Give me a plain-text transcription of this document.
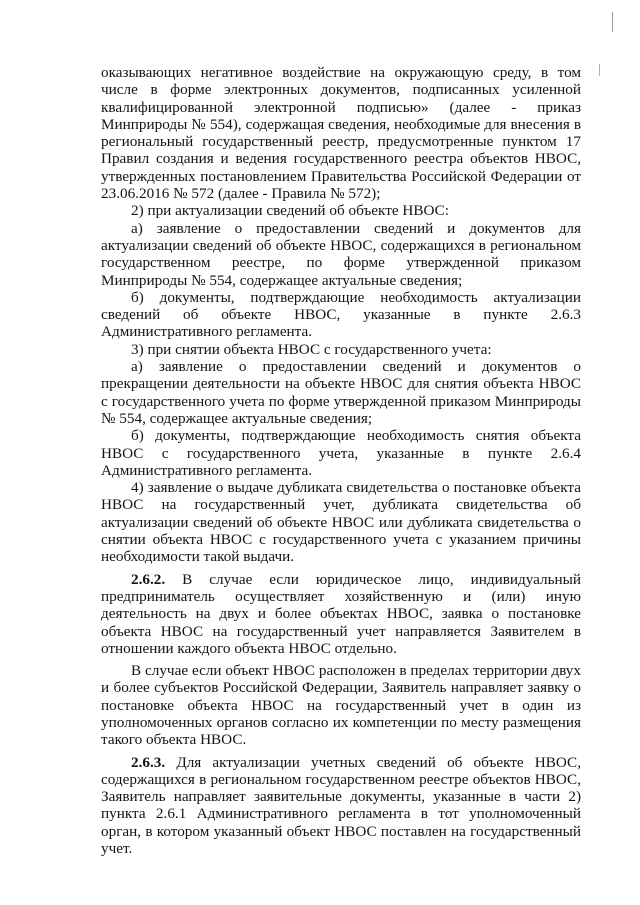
оказывающих негативное воздействие на окружающую среду, в том числе в форме электронных документов, подписанных усиленной квалифицированной электронной подписью» (далее - приказ Минприроды № 554), содержащая сведения, необходимые для внесения в региональный государственный реестр, предусмотренные пунктом 17 Правил создания и ведения государственного реестра объектов НВОС, утвержденных постановлением Правительства Российской Федерации от 23.06.2016 № 572 (далее - Правила № 572);

2) при актуализации сведений об объекте НВОС:

а) заявление о предоставлении сведений и документов для актуализации сведений об объекте НВОС, содержащихся в региональном государственном реестре, по форме утвержденной приказом Минприроды № 554, содержащее актуальные сведения;

б) документы, подтверждающие необходимость актуализации сведений об объекте НВОС, указанные в пункте 2.6.3 Административного регламента.

3) при снятии объекта НВОС с государственного учета:

а) заявление о предоставлении сведений и документов о прекращении деятельности на объекте НВОС для снятия объекта НВОС с государственного учета по форме утвержденной приказом Минприроды № 554, содержащее актуальные сведения;

б) документы, подтверждающие необходимость снятия объекта НВОС с государственного учета, указанные в пункте 2.6.4 Административного регламента.

4) заявление о выдаче дубликата свидетельства о постановке объекта НВОС на государственный учет, дубликата свидетельства об актуализации сведений об объекте НВОС или дубликата свидетельства о снятии объекта НВОС с государственного учета с указанием причины необходимости такой выдачи.

2.6.2. В случае если юридическое лицо, индивидуальный предприниматель осуществляет хозяйственную и (или) иную деятельность на двух и более объектах НВОС, заявка о постановке объекта НВОС на государственный учет направляется Заявителем в отношении каждого объекта НВОС отдельно.

В случае если объект НВОС расположен в пределах территории двух и более субъектов Российской Федерации, Заявитель направляет заявку о постановке объекта НВОС на государственный учет в один из уполномоченных органов согласно их компетенции по месту размещения такого объекта НВОС.

2.6.3. Для актуализации учетных сведений об объекте НВОС, содержащихся в региональном государственном реестре объектов НВОС, Заявитель направляет заявительные документы, указанные в части 2) пункта 2.6.1 Административного регламента в тот уполномоченный орган, в котором указанный объект НВОС поставлен на государственный учет.
